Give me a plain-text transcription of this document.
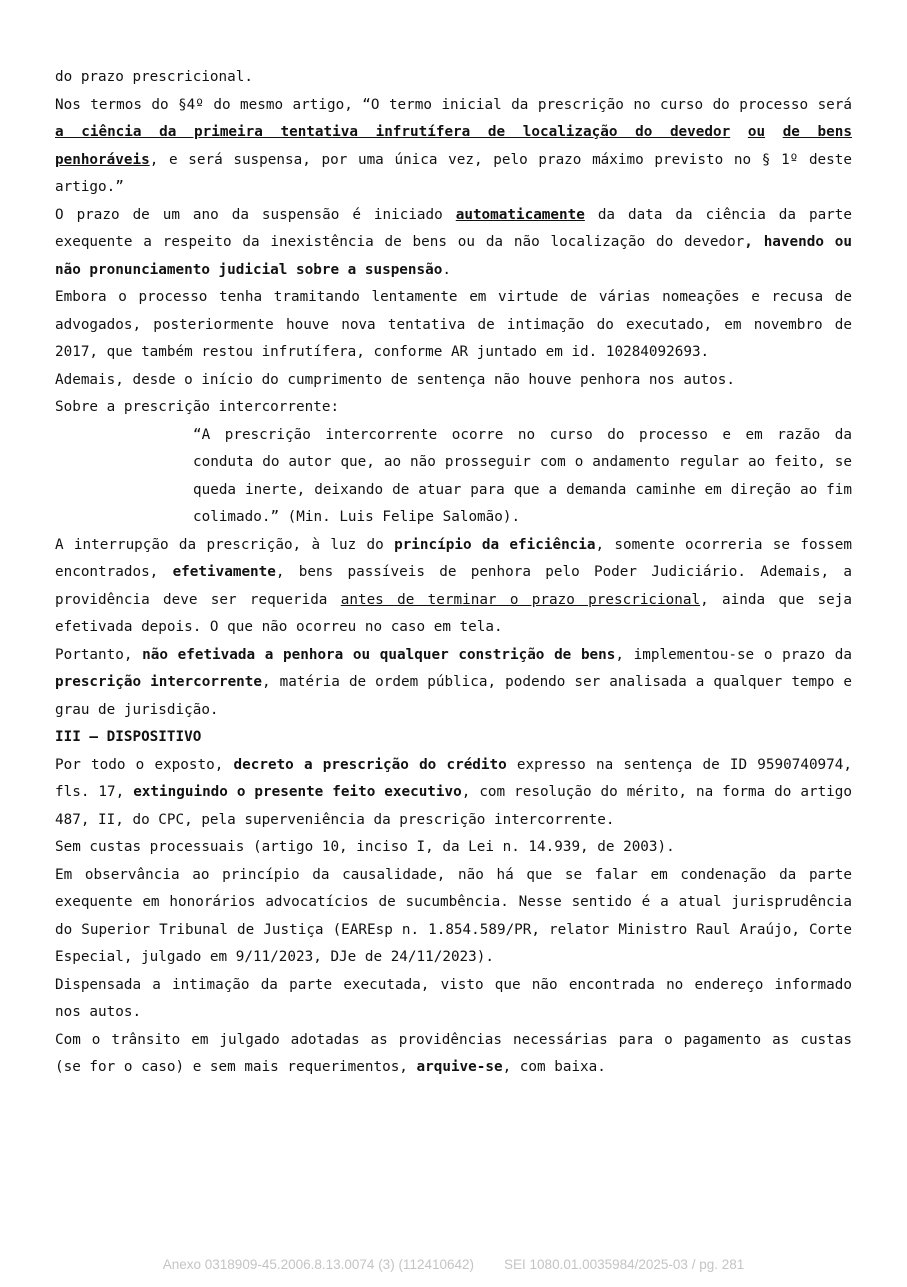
do prazo prescricional.

Nos termos do §4º do mesmo artigo, “O termo inicial da prescrição no curso do processo será a ciência da primeira tentativa infrutífera de localização do devedor ou de bens penhoráveis, e será suspensa, por uma única vez, pelo prazo máximo previsto no § 1º deste artigo.”

O prazo de um ano da suspensão é iniciado automaticamente da data da ciência da parte exequente a respeito da inexistência de bens ou da não localização do devedor, havendo ou não pronunciamento judicial sobre a suspensão.

Embora o processo tenha tramitando lentamente em virtude de várias nomeações e recusa de advogados, posteriormente houve nova tentativa de intimação do executado, em novembro de 2017, que também restou infrutífera, conforme AR juntado em id. 10284092693.

Ademais, desde o início do cumprimento de sentença não houve penhora nos autos.

Sobre a prescrição intercorrente:

“A prescrição intercorrente ocorre no curso do processo e em razão da conduta do autor que, ao não prosseguir com o andamento regular ao feito, se queda inerte, deixando de atuar para que a demanda caminhe em direção ao fim colimado.” (Min. Luis Felipe Salomão).

A interrupção da prescrição, à luz do princípio da eficiência, somente ocorreria se fossem encontrados, efetivamente, bens passíveis de penhora pelo Poder Judiciário. Ademais, a providência deve ser requerida antes de terminar o prazo prescricional, ainda que seja efetivada depois. O que não ocorreu no caso em tela.

Portanto, não efetivada a penhora ou qualquer constrição de bens, implementou-se o prazo da prescrição intercorrente, matéria de ordem pública, podendo ser analisada a qualquer tempo e grau de jurisdição.

III – DISPOSITIVO

Por todo o exposto, decreto a prescrição do crédito expresso na sentença de ID 9590740974, fls. 17, extinguindo o presente feito executivo, com resolução do mérito, na forma do artigo 487, II, do CPC, pela superveniência da prescrição intercorrente.

Sem custas processuais (artigo 10, inciso I, da Lei n. 14.939, de 2003).

Em observância ao princípio da causalidade, não há que se falar em condenação da parte exequente em honorários advocatícios de sucumbência. Nesse sentido é a atual jurisprudência do Superior Tribunal de Justiça (EAREsp n. 1.854.589/PR, relator Ministro Raul Araújo, Corte Especial, julgado em 9/11/2023, DJe de 24/11/2023).

Dispensada a intimação da parte executada, visto que não encontrada no endereço informado nos autos.

Com o trânsito em julgado adotadas as providências necessárias para o pagamento as custas (se for o caso) e sem mais requerimentos, arquive-se, com baixa.

Anexo 0318909-45.2006.8.13.0074 (3) (112410642) SEI 1080.01.0035984/2025-03 / pg. 281
